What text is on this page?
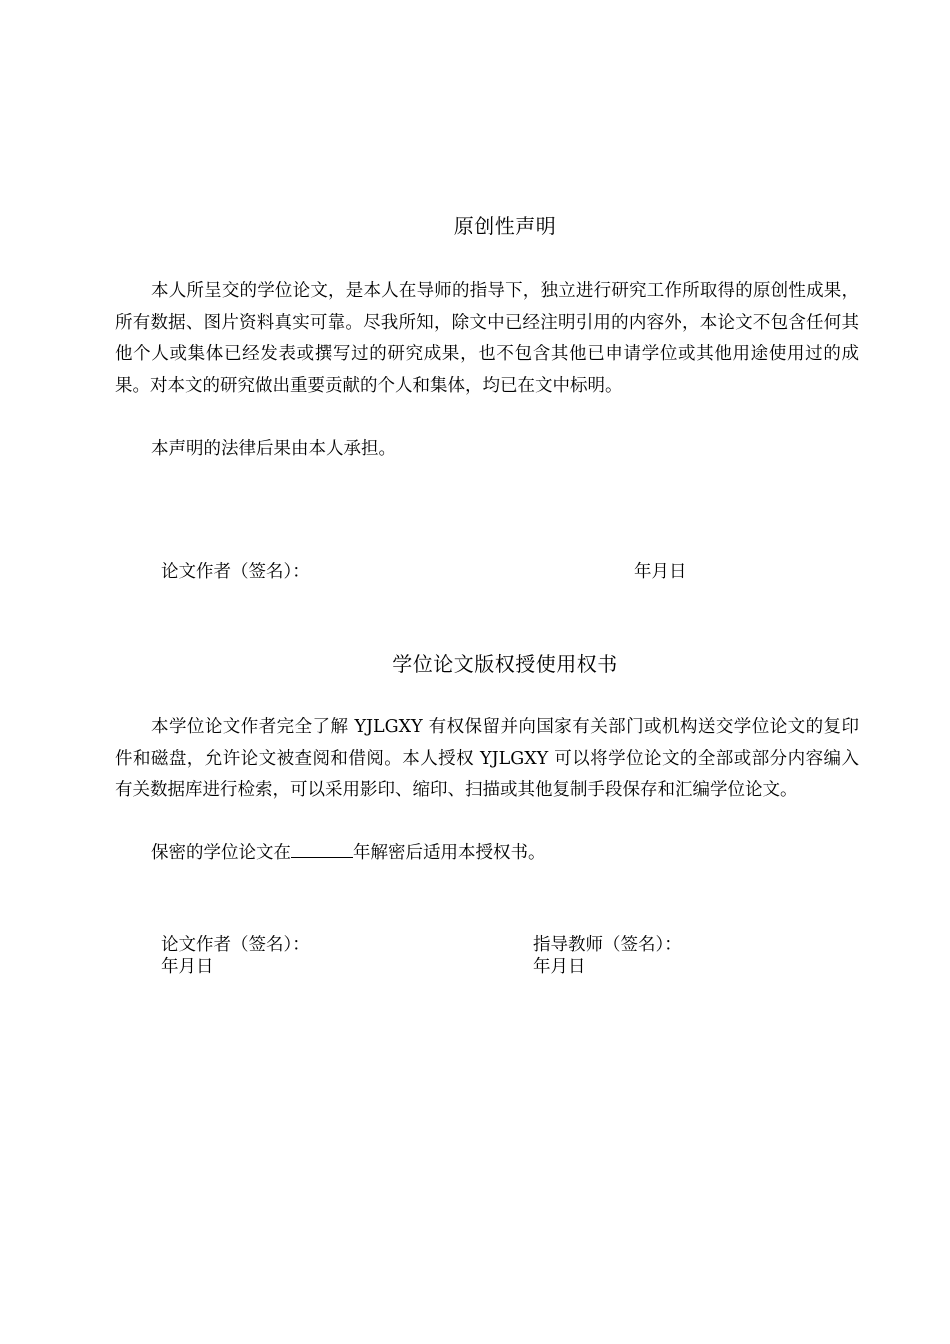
原创性声明

本人所呈交的学位论文，是本人在导师的指导下，独立进行研究工作所取得的原创性成果，所有数据、图片资料真实可靠。尽我所知，除文中已经注明引用的内容外，本论文不包含任何其他个人或集体已经发表或撰写过的研究成果，也不包含其他已申请学位或其他用途使用过的成果。对本文的研究做出重要贡献的个人和集体，均已在文中标明。

本声明的法律后果由本人承担。

论文作者（签名）：	年月日
学位论文版权授使用权书

本学位论文作者完全了解 YJLGXY 有权保留并向国家有关部门或机构送交学位论文的复印件和磁盘，允许论文被查阅和借阅。本人授权 YJLGXY 可以将学位论文的全部或部分内容编入有关数据库进行检索，可以采用影印、缩印、扫描或其他复制手段保存和汇编学位论文。

保密的学位论文在	年解密后适用本授权书。

论文作者（签名）：
年月日
指导教师（签名）：
年月日
